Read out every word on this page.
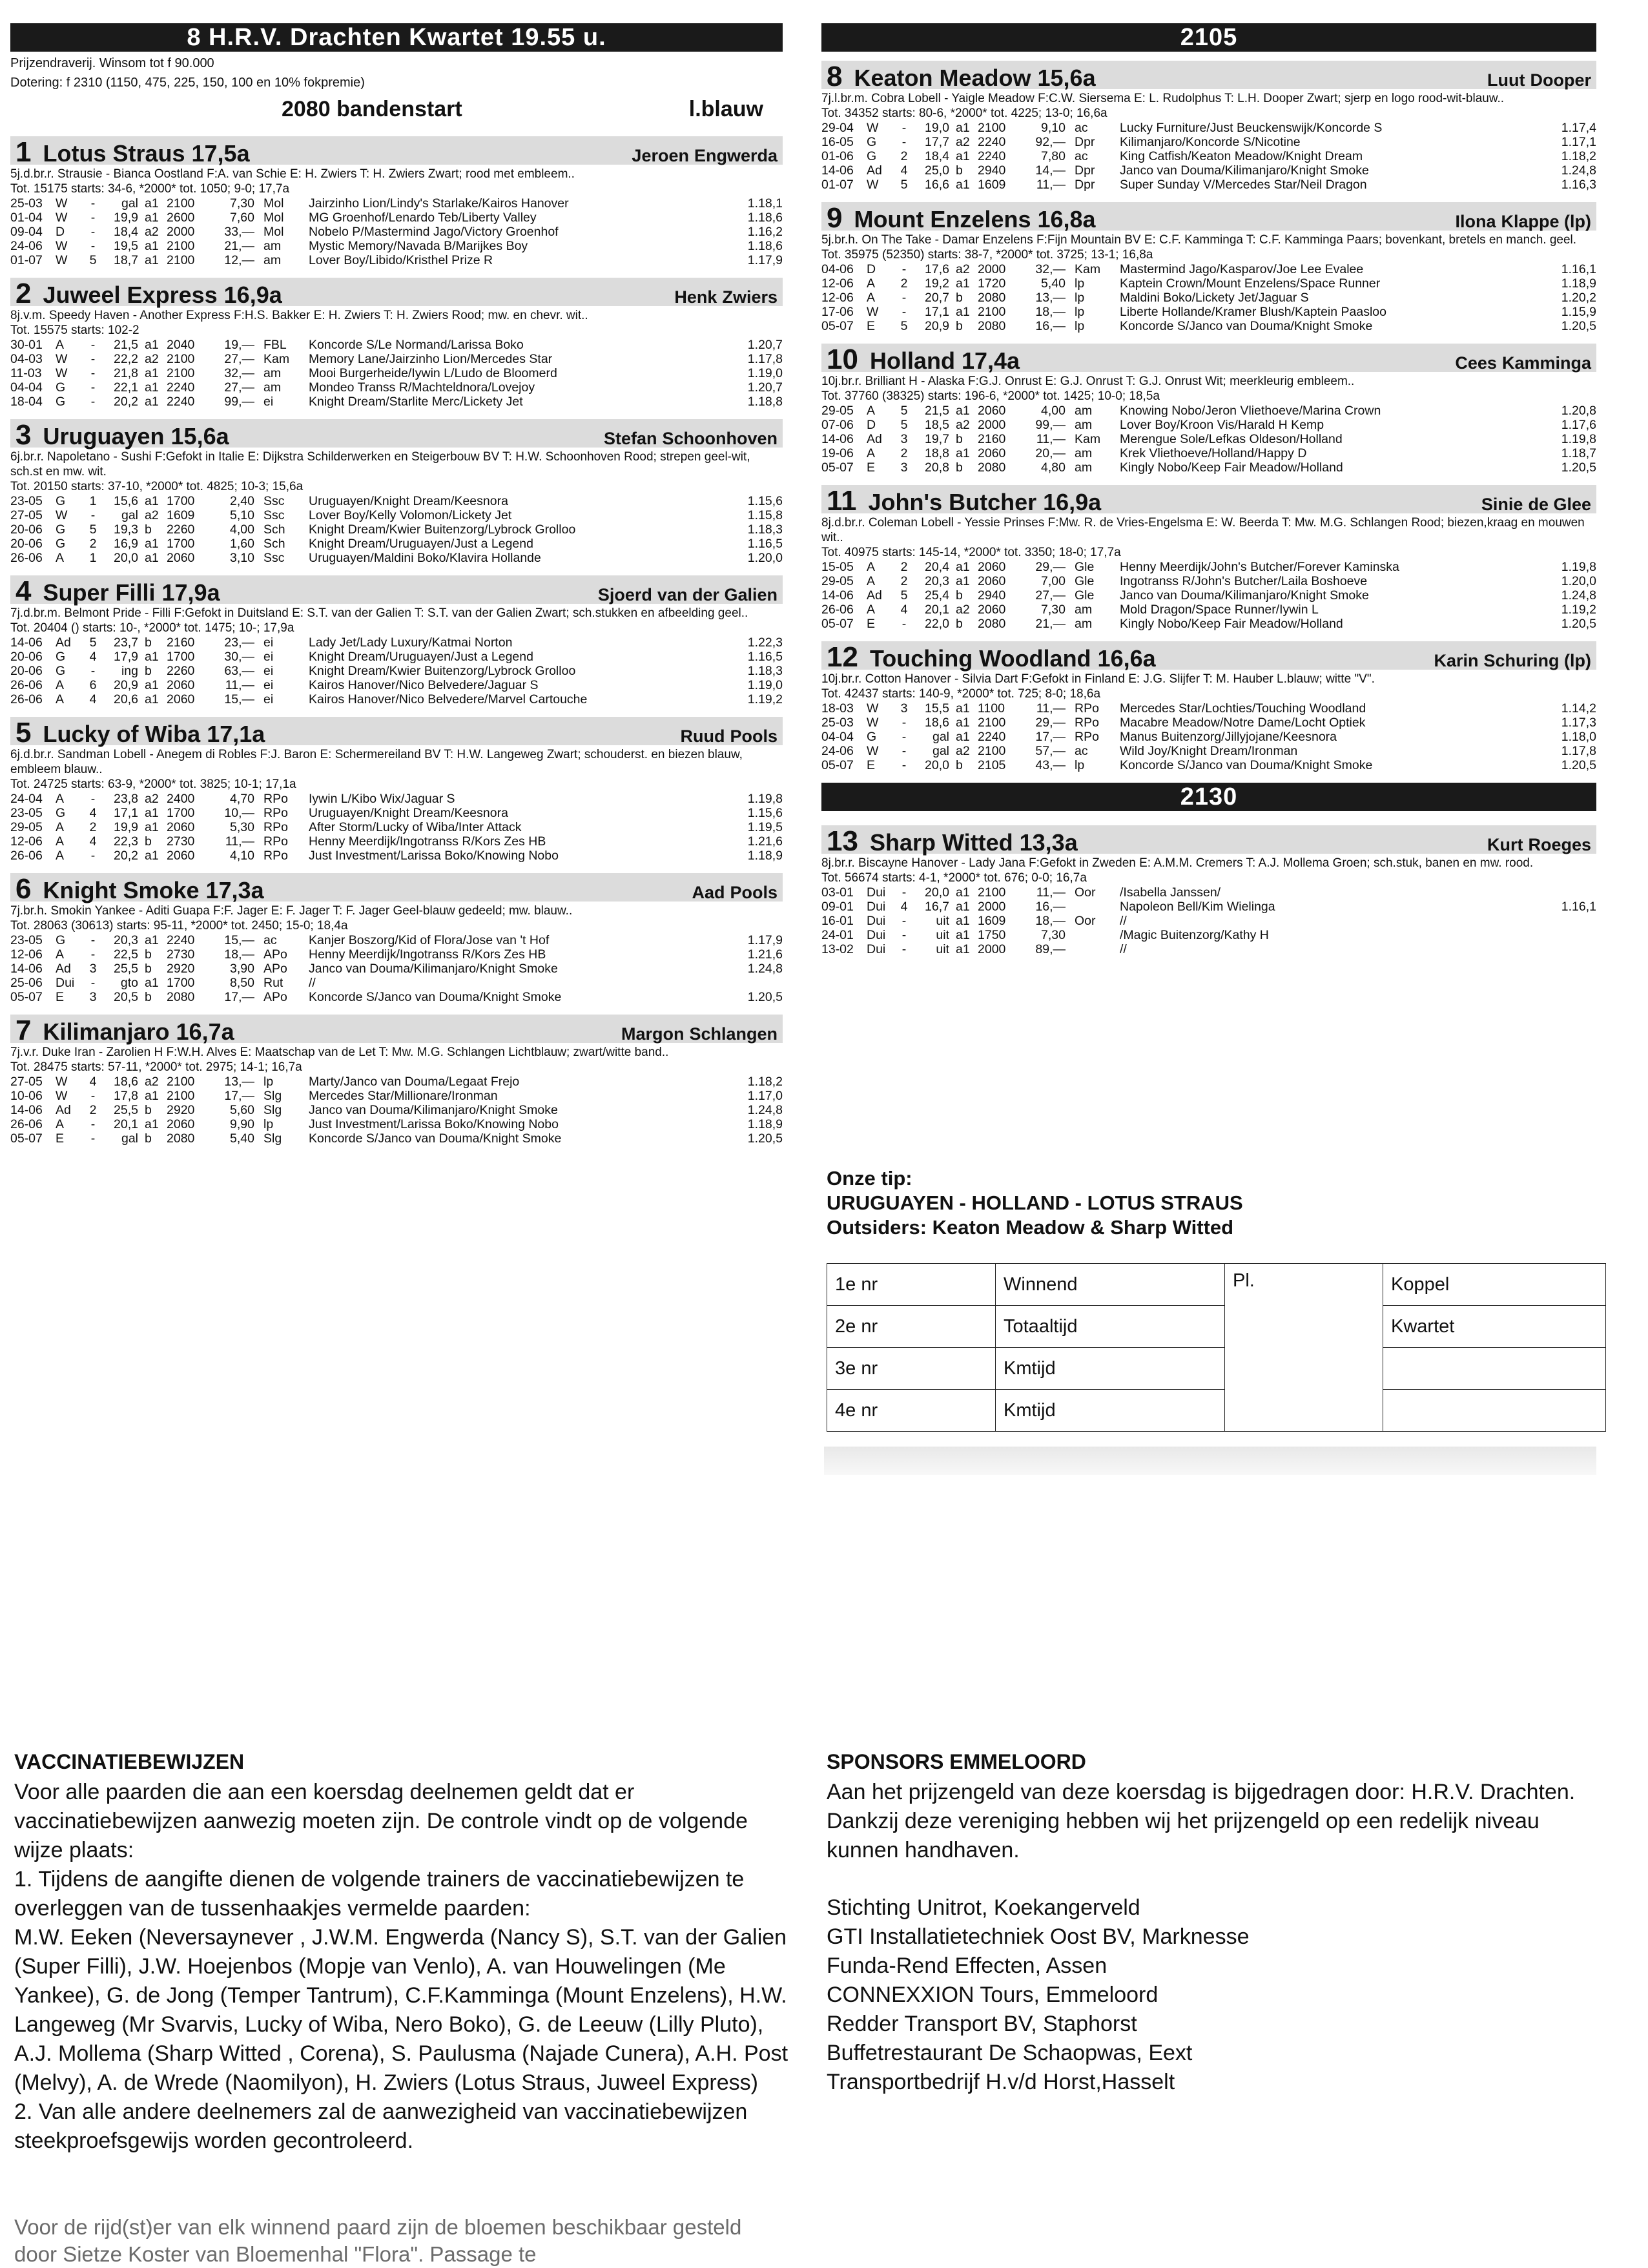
8 H.R.V. Drachten Kwartet 19.55 u.
Prijzendraverij. Winsom tot f 90.000
Dotering: f 2310 (1150, 475, 225, 150, 100 en 10% fokpremie)
2080 bandenstart	l.blauw
1 Lotus Straus 17,5a	Jeroen Engwerda
5j.d.br.r. Strausie - Bianca Oostland F:A. van Schie E: H. Zwiers T: H. Zwiers Zwart; rood met embleem..
Tot. 15175 starts: 34-6, *2000* tot. 1050; 9-0; 17,7a
25-03	W	-	gal	a1	2100	7,30	Mol	Jairzinho Lion/Lindy's Starlake/Kairos Hanover	1.18,1
01-04	W	-	19,9	a1	2600	7,60	Mol	MG Groenhof/Lenardo Teb/Liberty Valley	1.18,6
09-04	D	-	18,4	a2	2000	33,—	Mol	Nobelo P/Mastermind Jago/Victory Groenhof	1.16,2
24-06	W	-	19,5	a1	2100	21,—	am	Mystic Memory/Navada B/Marijkes Boy	1.18,6
01-07	W	5	18,7	a1	2100	12,—	am	Lover Boy/Libido/Kristhel Prize R	1.17,9
2 Juweel Express 16,9a	Henk Zwiers
8j.v.m. Speedy Haven - Another Express F:H.S. Bakker E: H. Zwiers T: H. Zwiers Rood; mw. en chevr. wit..
Tot. 15575 starts: 102-2
30-01	A	-	21,5	a1	2040	19,—	FBL	Koncorde S/Le Normand/Larissa Boko	1.20,7
04-03	W	-	22,2	a2	2100	27,—	Kam	Memory Lane/Jairzinho Lion/Mercedes Star	1.17,8
11-03	W	-	21,8	a1	2100	32,—	am	Mooi Burgerheide/Iywin L/Ludo de Bloomerd	1.19,0
04-04	G	-	22,1	a1	2240	27,—	am	Mondeo Transs R/Machteldnora/Lovejoy	1.20,7
18-04	G	-	20,2	a1	2240	99,—	ei	Knight Dream/Starlite Merc/Lickety Jet	1.18,8
3 Uruguayen 15,6a	Stefan Schoonhoven
6j.br.r. Napoletano - Sushi F:Gefokt in Italie E: Dijkstra Schilderwerken en Steigerbouw BV T: H.W. Schoonhoven Rood; strepen geel-wit, sch.st en mw. wit.
Tot. 20150 starts: 37-10, *2000* tot. 4825; 10-3; 15,6a
23-05	G	1	15,6	a1	1700	2,40	Ssc	Uruguayen/Knight Dream/Keesnora	1.15,6
27-05	W	-	gal	a2	1609	5,10	Ssc	Lover Boy/Kelly Volomon/Lickety Jet	1.15,8
20-06	G	5	19,3	b	2260	4,00	Sch	Knight Dream/Kwier Buitenzorg/Lybrock Grolloo	1.18,3
20-06	G	2	16,9	a1	1700	1,60	Sch	Knight Dream/Uruguayen/Just a Legend	1.16,5
26-06	A	1	20,0	a1	2060	3,10	Ssc	Uruguayen/Maldini Boko/Klavira Hollande	1.20,0
4 Super Filli 17,9a	Sjoerd van der Galien
7j.d.br.m. Belmont Pride - Filli F:Gefokt in Duitsland E: S.T. van der Galien T: S.T. van der Galien Zwart; sch.stukken en afbeelding geel..
Tot. 20404 () starts: 10-, *2000* tot. 1475; 10-; 17,9a
14-06	Ad	5	23,7	b	2160	23,—	ei	Lady Jet/Lady Luxury/Katmai Norton	1.22,3
20-06	G	4	17,9	a1	1700	30,—	ei	Knight Dream/Uruguayen/Just a Legend	1.16,5
20-06	G	-	ing	b	2260	63,—	ei	Knight Dream/Kwier Buitenzorg/Lybrock Grolloo	1.18,3
26-06	A	6	20,9	a1	2060	11,—	ei	Kairos Hanover/Nico Belvedere/Jaguar S	1.19,0
26-06	A	4	20,6	a1	2060	15,—	ei	Kairos Hanover/Nico Belvedere/Marvel Cartouche	1.19,2
5 Lucky of Wiba 17,1a	Ruud Pools
6j.d.br.r. Sandman Lobell - Anegem di Robles F:J. Baron E: Schermereiland BV T: H.W. Langeweg Zwart; schouderst. en biezen blauw, embleem blauw..
Tot. 24725 starts: 63-9, *2000* tot. 3825; 10-1; 17,1a
24-04	A	-	23,8	a2	2400	4,70	RPo	Iywin L/Kibo Wix/Jaguar S	1.19,8
23-05	G	4	17,1	a1	1700	10,—	RPo	Uruguayen/Knight Dream/Keesnora	1.15,6
29-05	A	2	19,9	a1	2060	5,30	RPo	After Storm/Lucky of Wiba/Inter Attack	1.19,5
12-06	A	4	22,3	b	2730	11,—	RPo	Henny Meerdijk/Ingotranss R/Kors Zes HB	1.21,6
26-06	A	-	20,2	a1	2060	4,10	RPo	Just Investment/Larissa Boko/Knowing Nobo	1.18,9
6 Knight Smoke 17,3a	Aad Pools
7j.br.h. Smokin Yankee - Aditi Guapa F:F. Jager E: F. Jager T: F. Jager Geel-blauw gedeeld; mw. blauw..
Tot. 28063 (30613) starts: 95-11, *2000* tot. 2450; 15-0; 18,4a
23-05	G	-	20,3	a1	2240	15,—	ac	Kanjer Boszorg/Kid of Flora/Jose van 't Hof	1.17,9
12-06	A	-	22,5	b	2730	18,—	APo	Henny Meerdijk/Ingotranss R/Kors Zes HB	1.21,6
14-06	Ad	3	25,5	b	2920	3,90	APo	Janco van Douma/Kilimanjaro/Knight Smoke	1.24,8
25-06	Dui	-	gto	a1	1700	8,50	Rut	//	
05-07	E	3	20,5	b	2080	17,—	APo	Koncorde S/Janco van Douma/Knight Smoke	1.20,5
7 Kilimanjaro 16,7a	Margon Schlangen
7j.v.r. Duke Iran - Zarolien H F:W.H. Alves E: Maatschap van de Let T: Mw. M.G. Schlangen Lichtblauw; zwart/witte band..
Tot. 28475 starts: 57-11, *2000* tot. 2975; 14-1; 16,7a
27-05	W	4	18,6	a2	2100	13,—	lp	Marty/Janco van Douma/Legaat Frejo	1.18,2
10-06	W	-	17,8	a1	2100	17,—	Slg	Mercedes Star/Millionare/Ironman	1.17,0
14-06	Ad	2	25,5	b	2920	5,60	Slg	Janco van Douma/Kilimanjaro/Knight Smoke	1.24,8
26-06	A	-	20,1	a1	2060	9,90	lp	Just Investment/Larissa Boko/Knowing Nobo	1.18,9
05-07	E	-	gal	b	2080	5,40	Slg	Koncorde S/Janco van Douma/Knight Smoke	1.20,5
2105
8 Keaton Meadow 15,6a	Luut Dooper
7j.l.br.m. Cobra Lobell - Yaigle Meadow F:C.W. Siersema E: L. Rudolphus T: L.H. Dooper Zwart; sjerp en logo rood-wit-blauw..
Tot. 34352 starts: 80-6, *2000* tot. 4225; 13-0; 16,6a
29-04	W	-	19,0	a1	2100	9,10	ac	Lucky Furniture/Just Beuckenswijk/Koncorde S	1.17,4
16-05	G	-	17,7	a2	2240	92,—	Dpr	Kilimanjaro/Koncorde S/Nicotine	1.17,1
01-06	G	2	18,4	a1	2240	7,80	ac	King Catfish/Keaton Meadow/Knight Dream	1.18,2
14-06	Ad	4	25,0	b	2940	14,—	Dpr	Janco van Douma/Kilimanjaro/Knight Smoke	1.24,8
01-07	W	5	16,6	a1	1609	11,—	Dpr	Super Sunday V/Mercedes Star/Neil Dragon	1.16,3
9 Mount Enzelens 16,8a	Ilona Klappe (lp)
5j.br.h. On The Take - Damar Enzelens F:Fijn Mountain BV E: C.F. Kamminga T: C.F. Kamminga Paars; bovenkant, bretels en manch. geel.
Tot. 35975 (52350) starts: 38-7, *2000* tot. 3725; 13-1; 16,8a
04-06	D	-	17,6	a2	2000	32,—	Kam	Mastermind Jago/Kasparov/Joe Lee Evalee	1.16,1
12-06	A	2	19,2	a1	1720	5,40	lp	Kaptein Crown/Mount Enzelens/Space Runner	1.18,9
12-06	A	-	20,7	b	2080	13,—	lp	Maldini Boko/Lickety Jet/Jaguar S	1.20,2
17-06	W	-	17,1	a1	2100	18,—	lp	Liberte Hollande/Kramer Blush/Kaptein Paasloo	1.15,9
05-07	E	5	20,9	b	2080	16,—	lp	Koncorde S/Janco van Douma/Knight Smoke	1.20,5
10 Holland 17,4a	Cees Kamminga
10j.br.r. Brilliant H - Alaska F:G.J. Onrust E: G.J. Onrust T: G.J. Onrust Wit; meerkleurig embleem..
Tot. 37760 (38325) starts: 196-6, *2000* tot. 1425; 10-0; 18,5a
29-05	A	5	21,5	a1	2060	4,00	am	Knowing Nobo/Jeron Vliethoeve/Marina Crown	1.20,8
07-06	D	5	18,5	a2	2000	99,—	am	Lover Boy/Kroon Vis/Harald H Kemp	1.17,6
14-06	Ad	3	19,7	b	2160	11,—	Kam	Merengue Sole/Lefkas Oldeson/Holland	1.19,8
19-06	A	2	18,8	a1	2060	20,—	am	Krek Vliethoeve/Holland/Happy D	1.18,7
05-07	E	3	20,8	b	2080	4,80	am	Kingly Nobo/Keep Fair Meadow/Holland	1.20,5
11 John's Butcher 16,9a	Sinie de Glee
8j.d.br.r. Coleman Lobell - Yessie Prinses F:Mw. R. de Vries-Engelsma E: W. Beerda T: Mw. M.G. Schlangen Rood; biezen,kraag en mouwen wit..
Tot. 40975 starts: 145-14, *2000* tot. 3350; 18-0; 17,7a
15-05	A	2	20,4	a1	2060	29,—	Gle	Henny Meerdijk/John's Butcher/Forever Kaminska	1.19,8
29-05	A	2	20,3	a1	2060	7,00	Gle	Ingotranss R/John's Butcher/Laila Boshoeve	1.20,0
14-06	Ad	5	25,4	b	2940	27,—	Gle	Janco van Douma/Kilimanjaro/Knight Smoke	1.24,8
26-06	A	4	20,1	a2	2060	7,30	am	Mold Dragon/Space Runner/Iywin L	1.19,2
05-07	E	-	22,0	b	2080	21,—	am	Kingly Nobo/Keep Fair Meadow/Holland	1.20,5
12 Touching Woodland 16,6a	Karin Schuring (lp)
10j.br.r. Cotton Hanover - Silvia Dart F:Gefokt in Finland E: J.G. Slijfer T: M. Hauber L.blauw; witte "V".
Tot. 42437 starts: 140-9, *2000* tot. 725; 8-0; 18,6a
18-03	W	3	15,5	a1	1100	11,—	RPo	Mercedes Star/Lochties/Touching Woodland	1.14,2
25-03	W	-	18,6	a1	2100	29,—	RPo	Macabre Meadow/Notre Dame/Locht Optiek	1.17,3
04-04	G	-	gal	a1	2240	17,—	RPo	Manus Buitenzorg/Jillyjojane/Keesnora	1.18,0
24-06	W	-	gal	a2	2100	57,—	ac	Wild Joy/Knight Dream/Ironman	1.17,8
05-07	E	-	20,0	b	2105	43,—	lp	Koncorde S/Janco van Douma/Knight Smoke	1.20,5
2130
13 Sharp Witted 13,3a	Kurt Roeges
8j.br.r. Biscayne Hanover - Lady Jana F:Gefokt in Zweden E: A.M.M. Cremers T: A.J. Mollema Groen; sch.stuk, banen en mw. rood.
Tot. 56674 starts: 4-1, *2000* tot. 676; 0-0; 16,7a
03-01	Dui	-	20,0	a1	2100	11,—	Oor	/Isabella Janssen/	
09-01	Dui	4	16,7	a1	2000	16,—		Napoleon Bell/Kim Wielinga	1.16,1
16-01	Dui	-	uit	a1	1609	18,—	Oor	//	
24-01	Dui	-	uit	a1	1750	7,30		/Magic Buitenzorg/Kathy H	
13-02	Dui	-	uit	a1	2000	89,—		//	
Onze tip:
URUGUAYEN - HOLLAND - LOTUS STRAUS
Outsiders: Keaton Meadow & Sharp Witted
1e nr	Winnend	Pl.	Koppel
2e nr	Totaaltijd		Kwartet
3e nr	Kmtijd		
4e nr	Kmtijd		
VACCINATIEBEWIJZEN
Voor alle paarden die aan een koersdag deelnemen geldt dat er vaccinatiebewijzen aanwezig moeten zijn. De controle vindt op de volgende wijze plaats:
1. Tijdens de aangifte dienen de volgende trainers de vaccinatiebewijzen te overleggen van de tussenhaakjes vermelde paarden:
M.W. Eeken (Neversaynever , J.W.M. Engwerda (Nancy S), S.T. van der Galien (Super Filli), J.W. Hoejenbos (Mopje van Venlo), A. van Houwelingen (Me Yankee), G. de Jong (Temper Tantrum), C.F.Kamminga (Mount Enzelens), H.W. Langeweg (Mr Svarvis, Lucky of Wiba, Nero Boko), G. de Leeuw (Lilly Pluto), A.J. Mollema (Sharp Witted , Corena), S. Paulusma (Najade Cunera), A.H. Post (Melvy), A. de Wrede (Naomilyon), H. Zwiers (Lotus Straus, Juweel Express)
2. Van alle andere deelnemers zal de aanwezigheid van vaccinatiebewijzen steekproefsgewijs worden gecontroleerd.
Voor de rijd(st)er van elk winnend paard zijn de bloemen beschikbaar gesteld door Sietze Koster van Bloemenhal "Flora". Passage te
SPONSORS EMMELOORD
Aan het prijzengeld van deze koersdag is bijgedragen door: H.R.V. Drachten. Dankzij deze vereniging hebben wij het prijzengeld op een redelijk niveau kunnen handhaven.
Stichting Unitrot, Koekangerveld
GTI Installatietechniek Oost BV, Marknesse
Funda-Rend Effecten, Assen
CONNEXXION Tours, Emmeloord
Redder Transport BV, Staphorst
Buffetrestaurant De Schaopwas, Eext
Transportbedrijf H.v/d Horst,Hasselt
